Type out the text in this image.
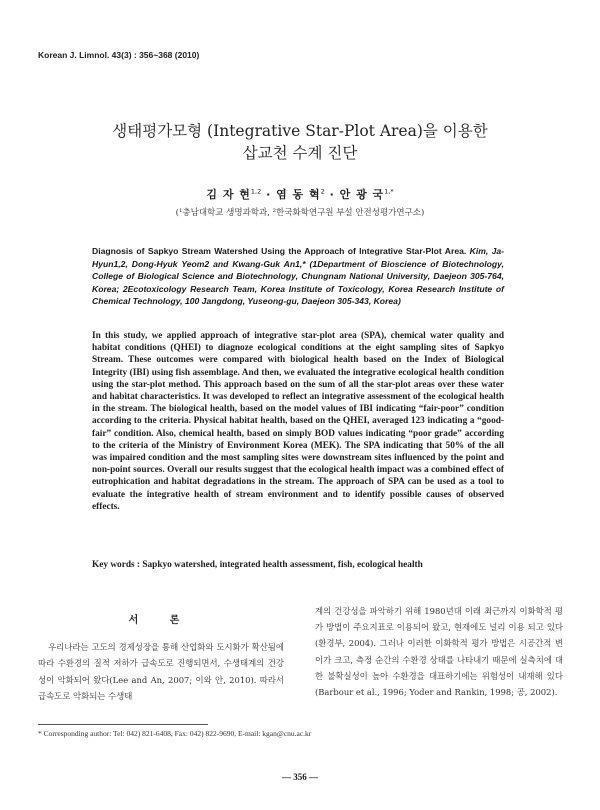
Korean J. Limnol. 43(3) : 356~368 (2010)
생태평가모형 (Integrative Star-Plot Area)을 이용한
삽교천 수계 진단
김 자 현$^{1,2}$ · 염 동 혁$^2$ · 안 광 국$^{1,*}$
(¹충남대학교 생명과학과, ²한국화학연구원 부설 안전성평가연구소)
Diagnosis of Sapkyo Stream Watershed Using the Approach of Integrative Star-Plot Area. Kim, Ja-Hyun1,2, Dong-Hyuk Yeom2 and Kwang-Guk An1,* (1Department of Bioscience of Biotechnology, College of Biological Science and Biotechnology, Chungnam National University, Daejeon 305-764, Korea; 2Ecotoxicology Research Team, Korea Institute of Toxicology, Korea Research Institute of Chemical Technology, 100 Jangdong, Yuseong-gu, Daejeon 305-343, Korea)
In this study, we applied approach of integrative star-plot area (SPA), chemical water quality and habitat conditions (QHEI) to diagnoze ecological conditions at the eight sampling sites of Sapkyo Stream. These outcomes were compared with biological health based on the Index of Biological Integrity (IBI) using fish assemblage. And then, we evaluated the integrative ecological health condition using the star-plot method. This approach based on the sum of all the star-plot areas over these water and habitat characteristics. It was developed to reflect an integrative assessment of the ecological health in the stream. The biological health, based on the model values of IBI indicating “fair-poor” condition according to the criteria. Physical habitat health, based on the QHEI, averaged 123 indicating a “good-fair” condition. Also, chemical health, based on simply BOD values indicating “poor grade” according to the criteria of the Ministry of Environment Korea (MEK). The SPA indicating that 50% of the all was impaired condition and the most sampling sites were downstream sites influenced by the point and non-point sources. Overall our results suggest that the ecological health impact was a combined effect of eutrophication and habitat degradations in the stream. The approach of SPA can be used as a tool to evaluate the integrative health of stream environment and to identify possible causes of observed effects.
Key words : Sapkyo watershed, integrated health assessment, fish, ecological health
서 론

우리나라는 고도의 경제성장을 통해 산업화와 도시화가 확산됨에 따라 수환경의 질적 저하가 급속도로 진행되면서, 수생태계의 건강성이 악화되어 왔다(Lee and An, 2007; 이와 안, 2010). 따라서 급속도로 악화되는 수생태

계의 건강성을 파악하기 위해 1980년대 이래 최근까지 이화학적 평가 방법이 주요지표로 이용되어 왔고, 현재에도 널리 이용 되고 있다(환경부, 2004). 그러나 이러한 이화학적 평가 방법은 시공간적 변이가 크고, 측정 순간의 수환경 상태를 나타내기 때문에 실측치에 대한 불확실성이 높아 수환경을 대표하기에는 위험성이 내재해 있다(Barbour et al., 1996; Yoder and Rankin, 1998; 공, 2002).

* Corresponding author: Tel: 042) 821-6408, Fax: 042) 822-9690, E-mail: kgan@cnu.ac.kr
— 356 —
